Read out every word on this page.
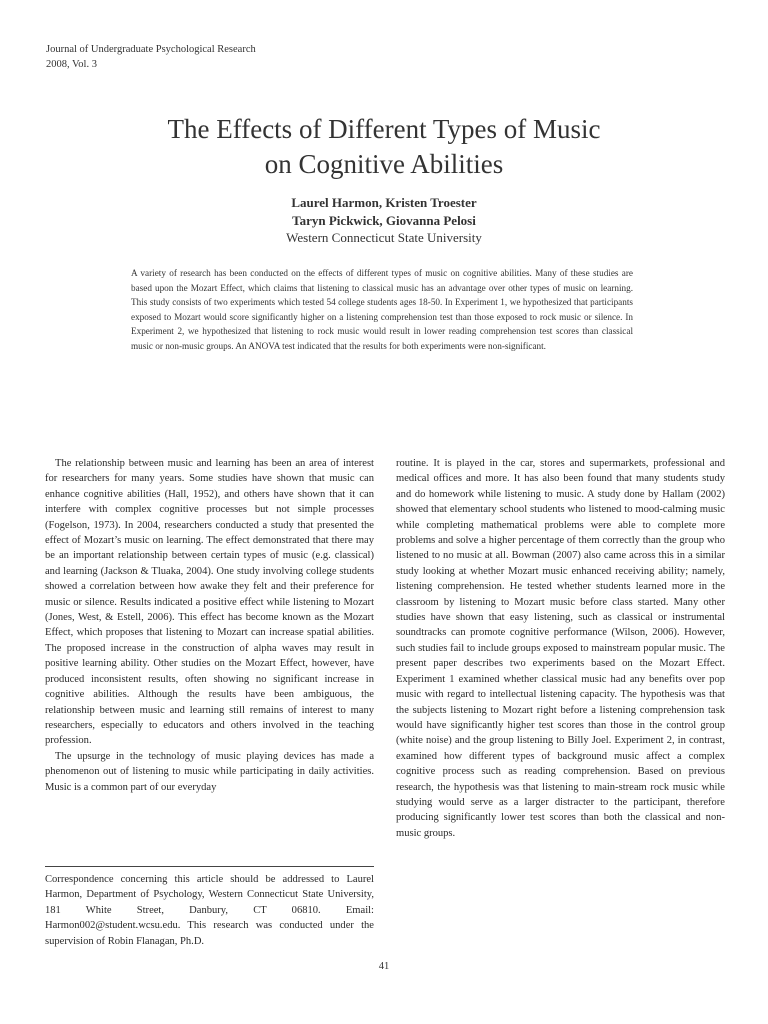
Journal of Undergraduate Psychological Research
2008, Vol. 3
The Effects of Different Types of Music
on Cognitive Abilities
Laurel Harmon, Kristen Troester
Taryn Pickwick, Giovanna Pelosi
Western Connecticut State University

A variety of research has been conducted on the effects of different types of music on cognitive abilities. Many of these studies are based upon the Mozart Effect, which claims that listening to classical music has an advantage over other types of music on learning. This study consists of two experiments which tested 54 college students ages 18-50. In Experiment 1, we hypothesized that participants exposed to Mozart would score significantly higher on a listening comprehension test than those exposed to rock music or silence. In Experiment 2, we hypothesized that listening to rock music would result in lower reading comprehension test scores than classical music or non-music groups. An ANOVA test indicated that the results for both experiments were non-significant.

The relationship between music and learning has been an area of interest for researchers for many years. Some studies have shown that music can enhance cognitive abilities (Hall, 1952), and others have shown that it can interfere with complex cognitive processes but not simple processes (Fogelson, 1973). In 2004, researchers conducted a study that presented the effect of Mozart’s music on learning. The effect demonstrated that there may be an important relationship between certain types of music (e.g. classical) and learning (Jackson & Tluaka, 2004). One study involving college students showed a correlation between how awake they felt and their preference for music or silence. Results indicated a positive effect while listening to Mozart (Jones, West, & Estell, 2006). This effect has become known as the Mozart Effect, which proposes that listening to Mozart can increase spatial abilities. The proposed increase in the construction of alpha waves may result in positive learning ability. Other studies on the Mozart Effect, however, have produced inconsistent results, often showing no significant increase in cognitive abilities. Although the results have been ambiguous, the relationship between music and learning still remains of interest to many researchers, especially to educators and others involved in the teaching profession.

The upsurge in the technology of music playing devices has made a phenomenon out of listening to music while participating in daily activities. Music is a common part of our everyday

routine. It is played in the car, stores and supermarkets, professional and medical offices and more. It has also been found that many students study and do homework while listening to music. A study done by Hallam (2002) showed that elementary school students who listened to mood-calming music while completing mathematical problems were able to complete more problems and solve a higher percentage of them correctly than the group who listened to no music at all. Bowman (2007) also came across this in a similar study looking at whether Mozart music enhanced receiving ability; namely, listening comprehension. He tested whether students learned more in the classroom by listening to Mozart music before class started. Many other studies have shown that easy listening, such as classical or instrumental soundtracks can promote cognitive performance (Wilson, 2006). However, such studies fail to include groups exposed to mainstream popular music. The present paper describes two experiments based on the Mozart Effect. Experiment 1 examined whether classical music had any benefits over pop music with regard to intellectual listening capacity. The hypothesis was that the subjects listening to Mozart right before a listening comprehension task would have significantly higher test scores than those in the control group (white noise) and the group listening to Billy Joel. Experiment 2, in contrast, examined how different types of background music affect a complex cognitive process such as reading comprehension. Based on previous research, the hypothesis was that listening to main-stream rock music while studying would serve as a larger distracter to the participant, therefore producing significantly lower test scores than both the classical and non-music groups.

Correspondence concerning this article should be addressed to Laurel Harmon, Department of Psychology, Western Connecticut State University, 181 White Street, Danbury, CT 06810. Email: Harmon002@student.wcsu.edu. This research was conducted under the supervision of Robin Flanagan, Ph.D.

41
